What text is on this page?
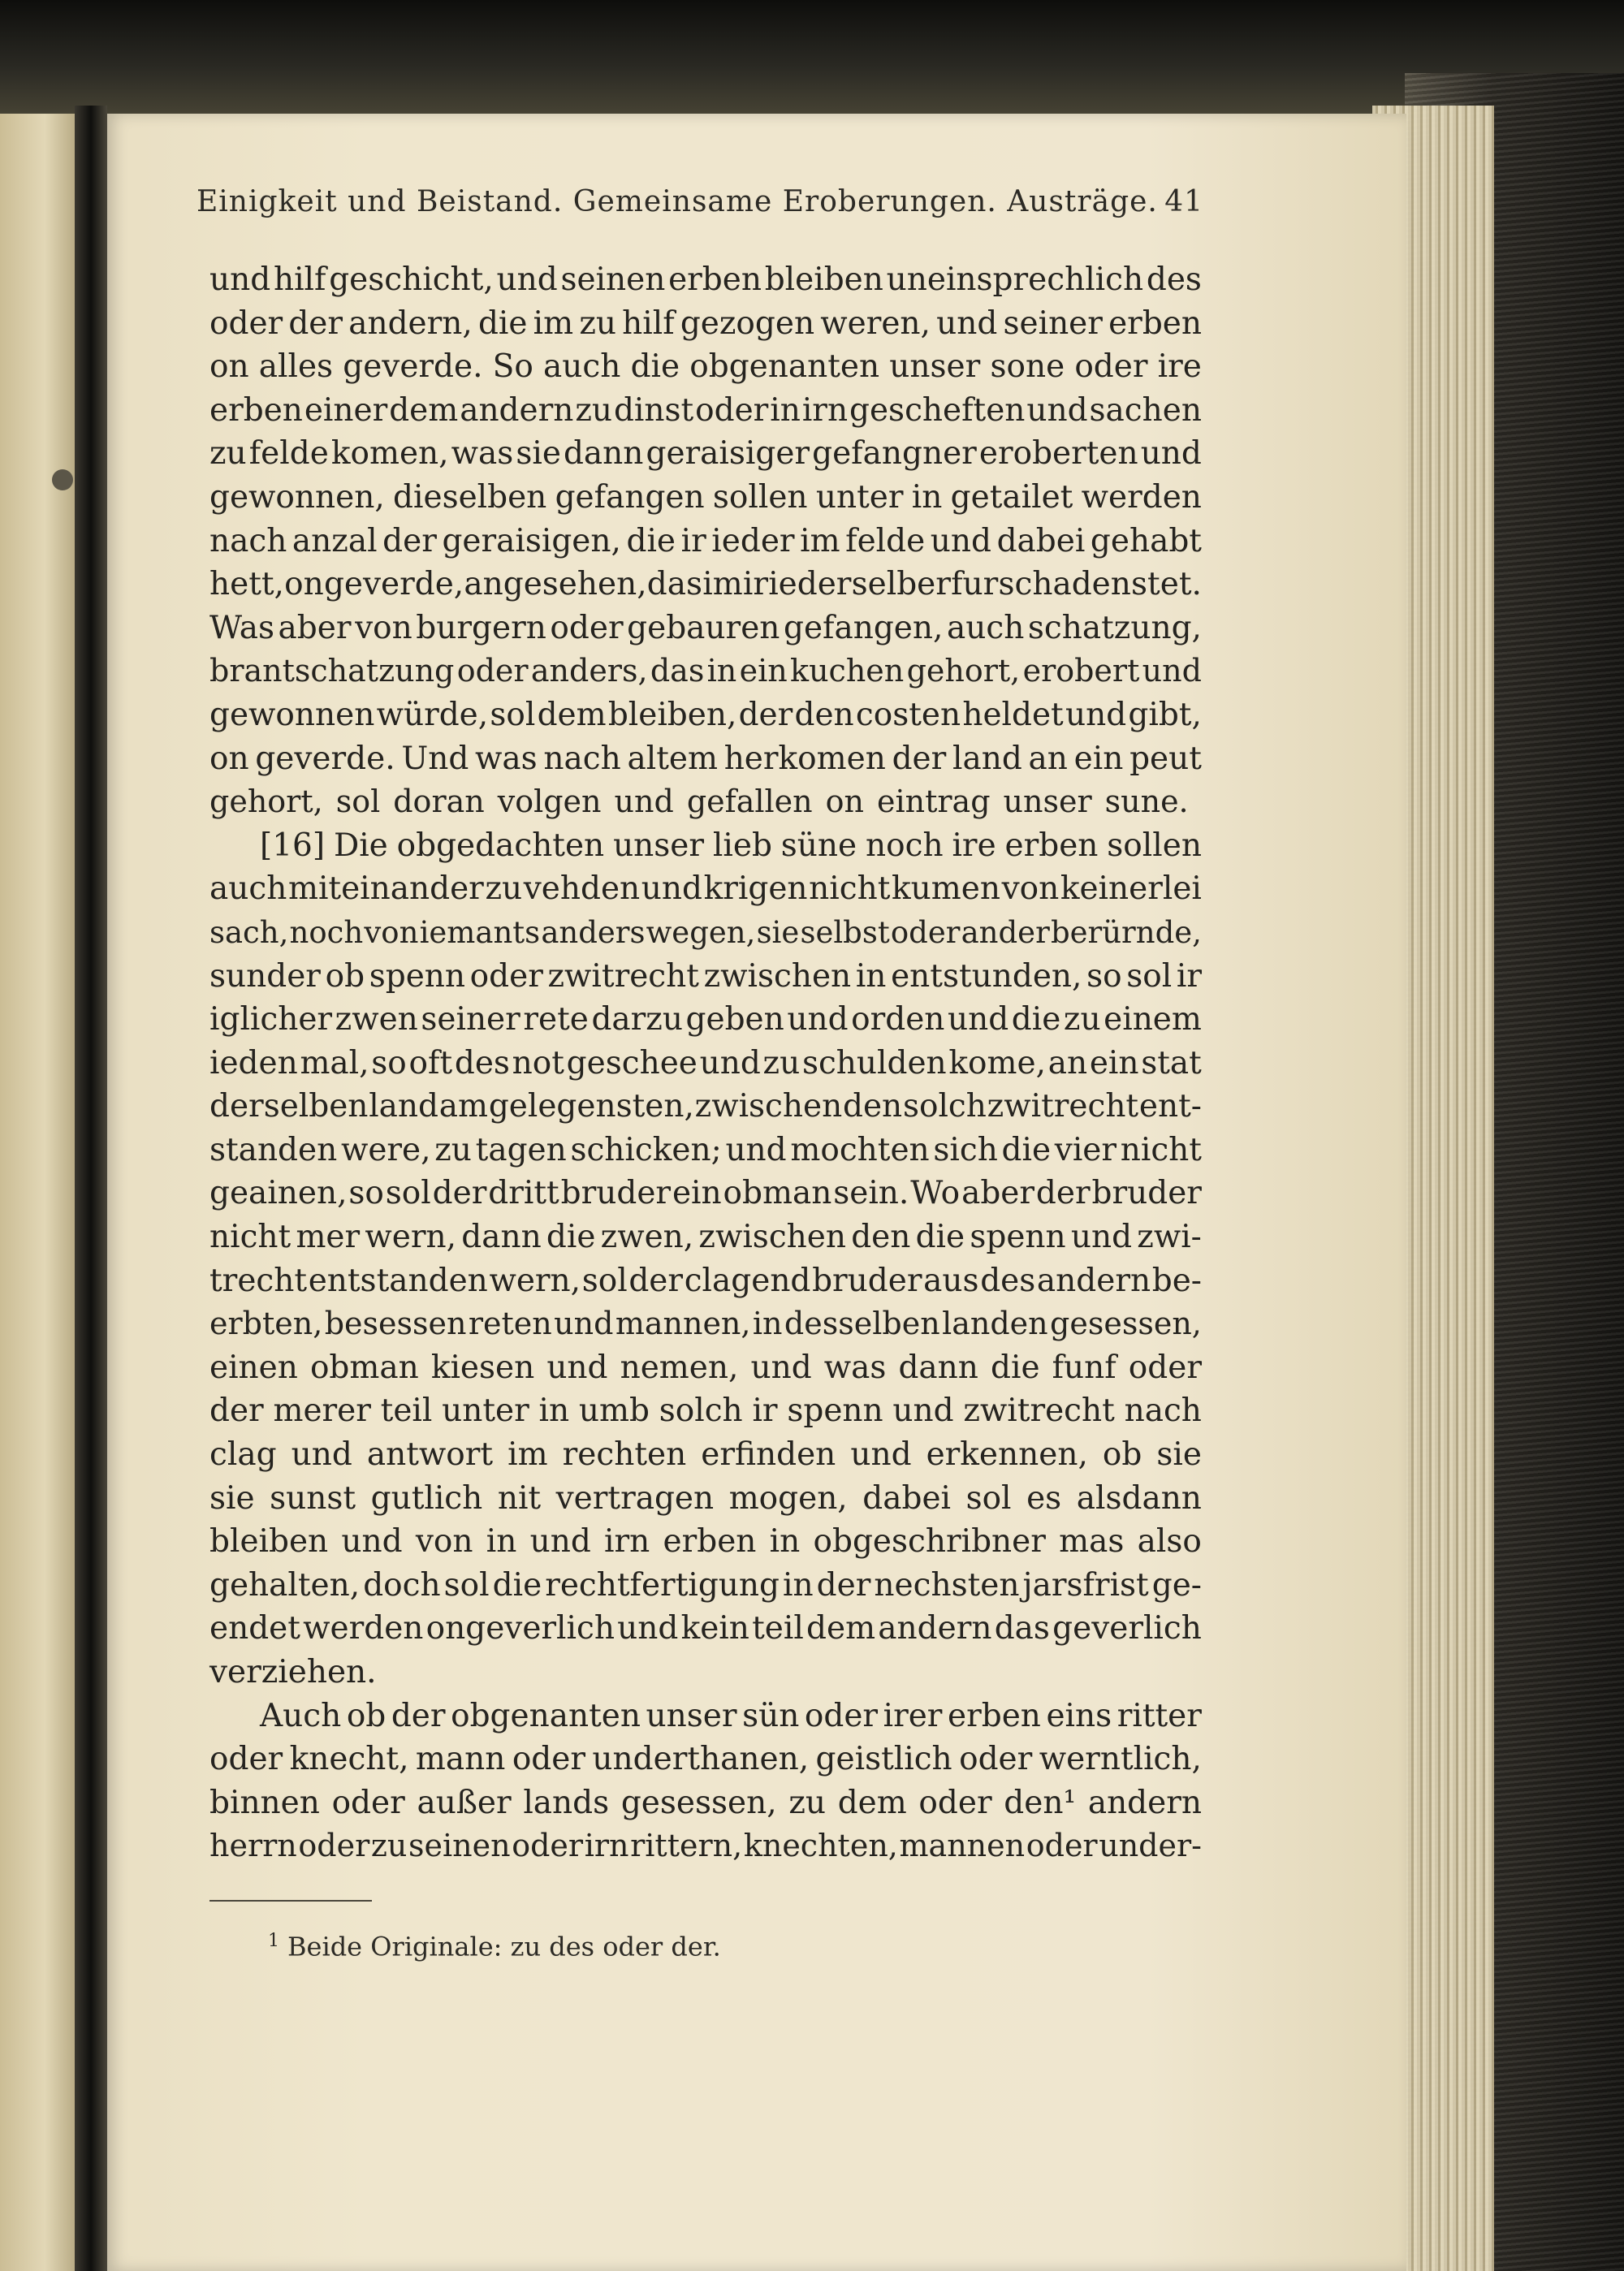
Einigkeit und Beistand. Gemeinsame Eroberungen. Austräge. 41
und hilf geschicht, und seinen erben bleiben uneinsprechlich des
oder der andern, die im zu hilf gezogen weren, und seiner erben
on alles geverde. So auch die obgenanten unser sone oder ire
erben einer dem andern zu dinst oder in irn gescheften und sachen
zu felde komen, was sie dann geraisiger gefangner eroberten und
gewonnen, dieselben gefangen sollen unter in getailet werden
nach anzal der geraisigen, die ir ieder im felde und dabei gehabt
hett, on geverde, angesehen, das im ir ieder selber fur schaden stet.
Was aber von burgern oder gebauren gefangen, auch schatzung,
brantschatzung oder anders, das in ein kuchen gehort, erobert und
gewonnen würde, sol dem bleiben, der den costen heldet und gibt,
on geverde. Und was nach altem herkomen der land an ein peut
gehort, sol doran volgen und gefallen on eintrag unser sune.
[16] Die obgedachten unser lieb süne noch ire erben sollen
auch miteinander zu vehden und krigen nicht kumen von keinerlei
sach, noch von iemants anders wegen, sie selbst oder ander berürnde,
sunder ob spenn oder zwitrecht zwischen in entstunden, so sol ir
iglicher zwen seiner rete darzu geben und orden und die zu einem
ieden mal, so oft des not geschee und zu schulden kome, an ein stat
derselben land am gelegensten, zwischen den solch zwitrecht ent-
standen were, zu tagen schicken; und mochten sich die vier nicht
geainen, so sol der dritt bruder ein obman sein. Wo aber der bruder
nicht mer wern, dann die zwen, zwischen den die spenn und zwi-
trecht entstanden wern, sol der clagend bruder aus des andern be-
erbten, besessen reten und mannen, in desselben landen gesessen,
einen obman kiesen und nemen, und was dann die funf oder
der merer teil unter in umb solch ir spenn und zwitrecht nach
clag und antwort im rechten erfinden und erkennen, ob sie
sie sunst gutlich nit vertragen mogen, dabei sol es alsdann
bleiben und von in und irn erben in obgeschribner mas also
gehalten, doch sol die rechtfertigung in der nechsten jarsfrist ge-
endet werden ongeverlich und kein teil dem andern das geverlich
verziehen.
Auch ob der obgenanten unser sün oder irer erben eins ritter
oder knecht, mann oder underthanen, geistlich oder werntlich,
binnen oder außer lands gesessen, zu dem oder den¹ andern
herrn oder zu seinen oder irn rittern, knechten, mannen oder under-
$^1$ Beide Originale: zu des oder der.
